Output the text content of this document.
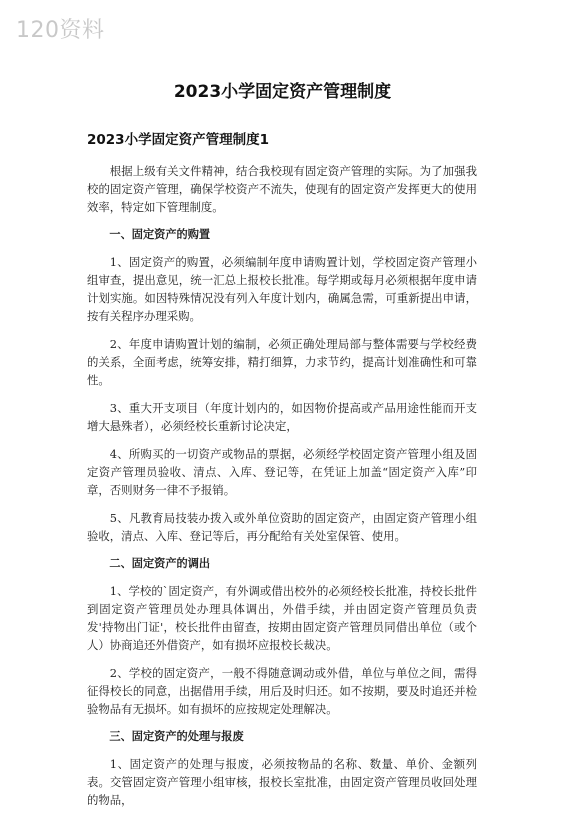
120资料
2023小学固定资产管理制度
2023小学固定资产管理制度1

根据上级有关文件精神，结合我校现有固定资产管理的实际。为了加强我校的固定资产管理，确保学校资产不流失，使现有的固定资产发挥更大的使用效率，特定如下管理制度。

一、固定资产的购置

1、固定资产的购置，必须编制年度申请购置计划，学校固定资产管理小组审查，提出意见，统一汇总上报校长批准。每学期或每月必须根据年度申请计划实施。如因特殊情况没有列入年度计划内，确属急需，可重新提出申请，按有关程序办理采购。

2、年度申请购置计划的编制，必须正确处理局部与整体需要与学校经费的关系，全面考虑，统筹安排，精打细算，力求节约，提高计划准确性和可靠性。

3、重大开支项目（年度计划内的，如因物价提高或产品用途性能而开支增大悬殊者），必须经校长重新讨论决定，

4、所购买的一切资产或物品的票据，必须经学校固定资产管理小组及固定资产管理员验收、清点、入库、登记等，在凭证上加盖“固定资产入库”印章，否则财务一律不予报销。

5、凡教育局技装办拨入或外单位资助的固定资产，由固定资产管理小组验收，清点、入库、登记等后，再分配给有关处室保管、使用。

二、固定资产的调出

1、学校的`固定资产，有外调或借出校外的必须经校长批准，持校长批件到固定资产管理员处办理具体调出，外借手续，并由固定资产管理员负责发'持物出门证'，校长批件由留查，按期由固定资产管理员同借出单位（或个人）协商追还外借资产，如有损坏应报校长裁决。

2、学校的固定资产，一般不得随意调动或外借，单位与单位之间，需得征得校长的同意，出据借用手续，用后及时归还。如不按期，要及时追还并检验物品有无损坏。如有损坏的应按规定处理解决。

三、固定资产的处理与报废

1、固定资产的处理与报废，必须按物品的名称、数量、单价、金额列表。交管固定资产管理小组审核，报校长室批准，由固定资产管理员收回处理的物品，
